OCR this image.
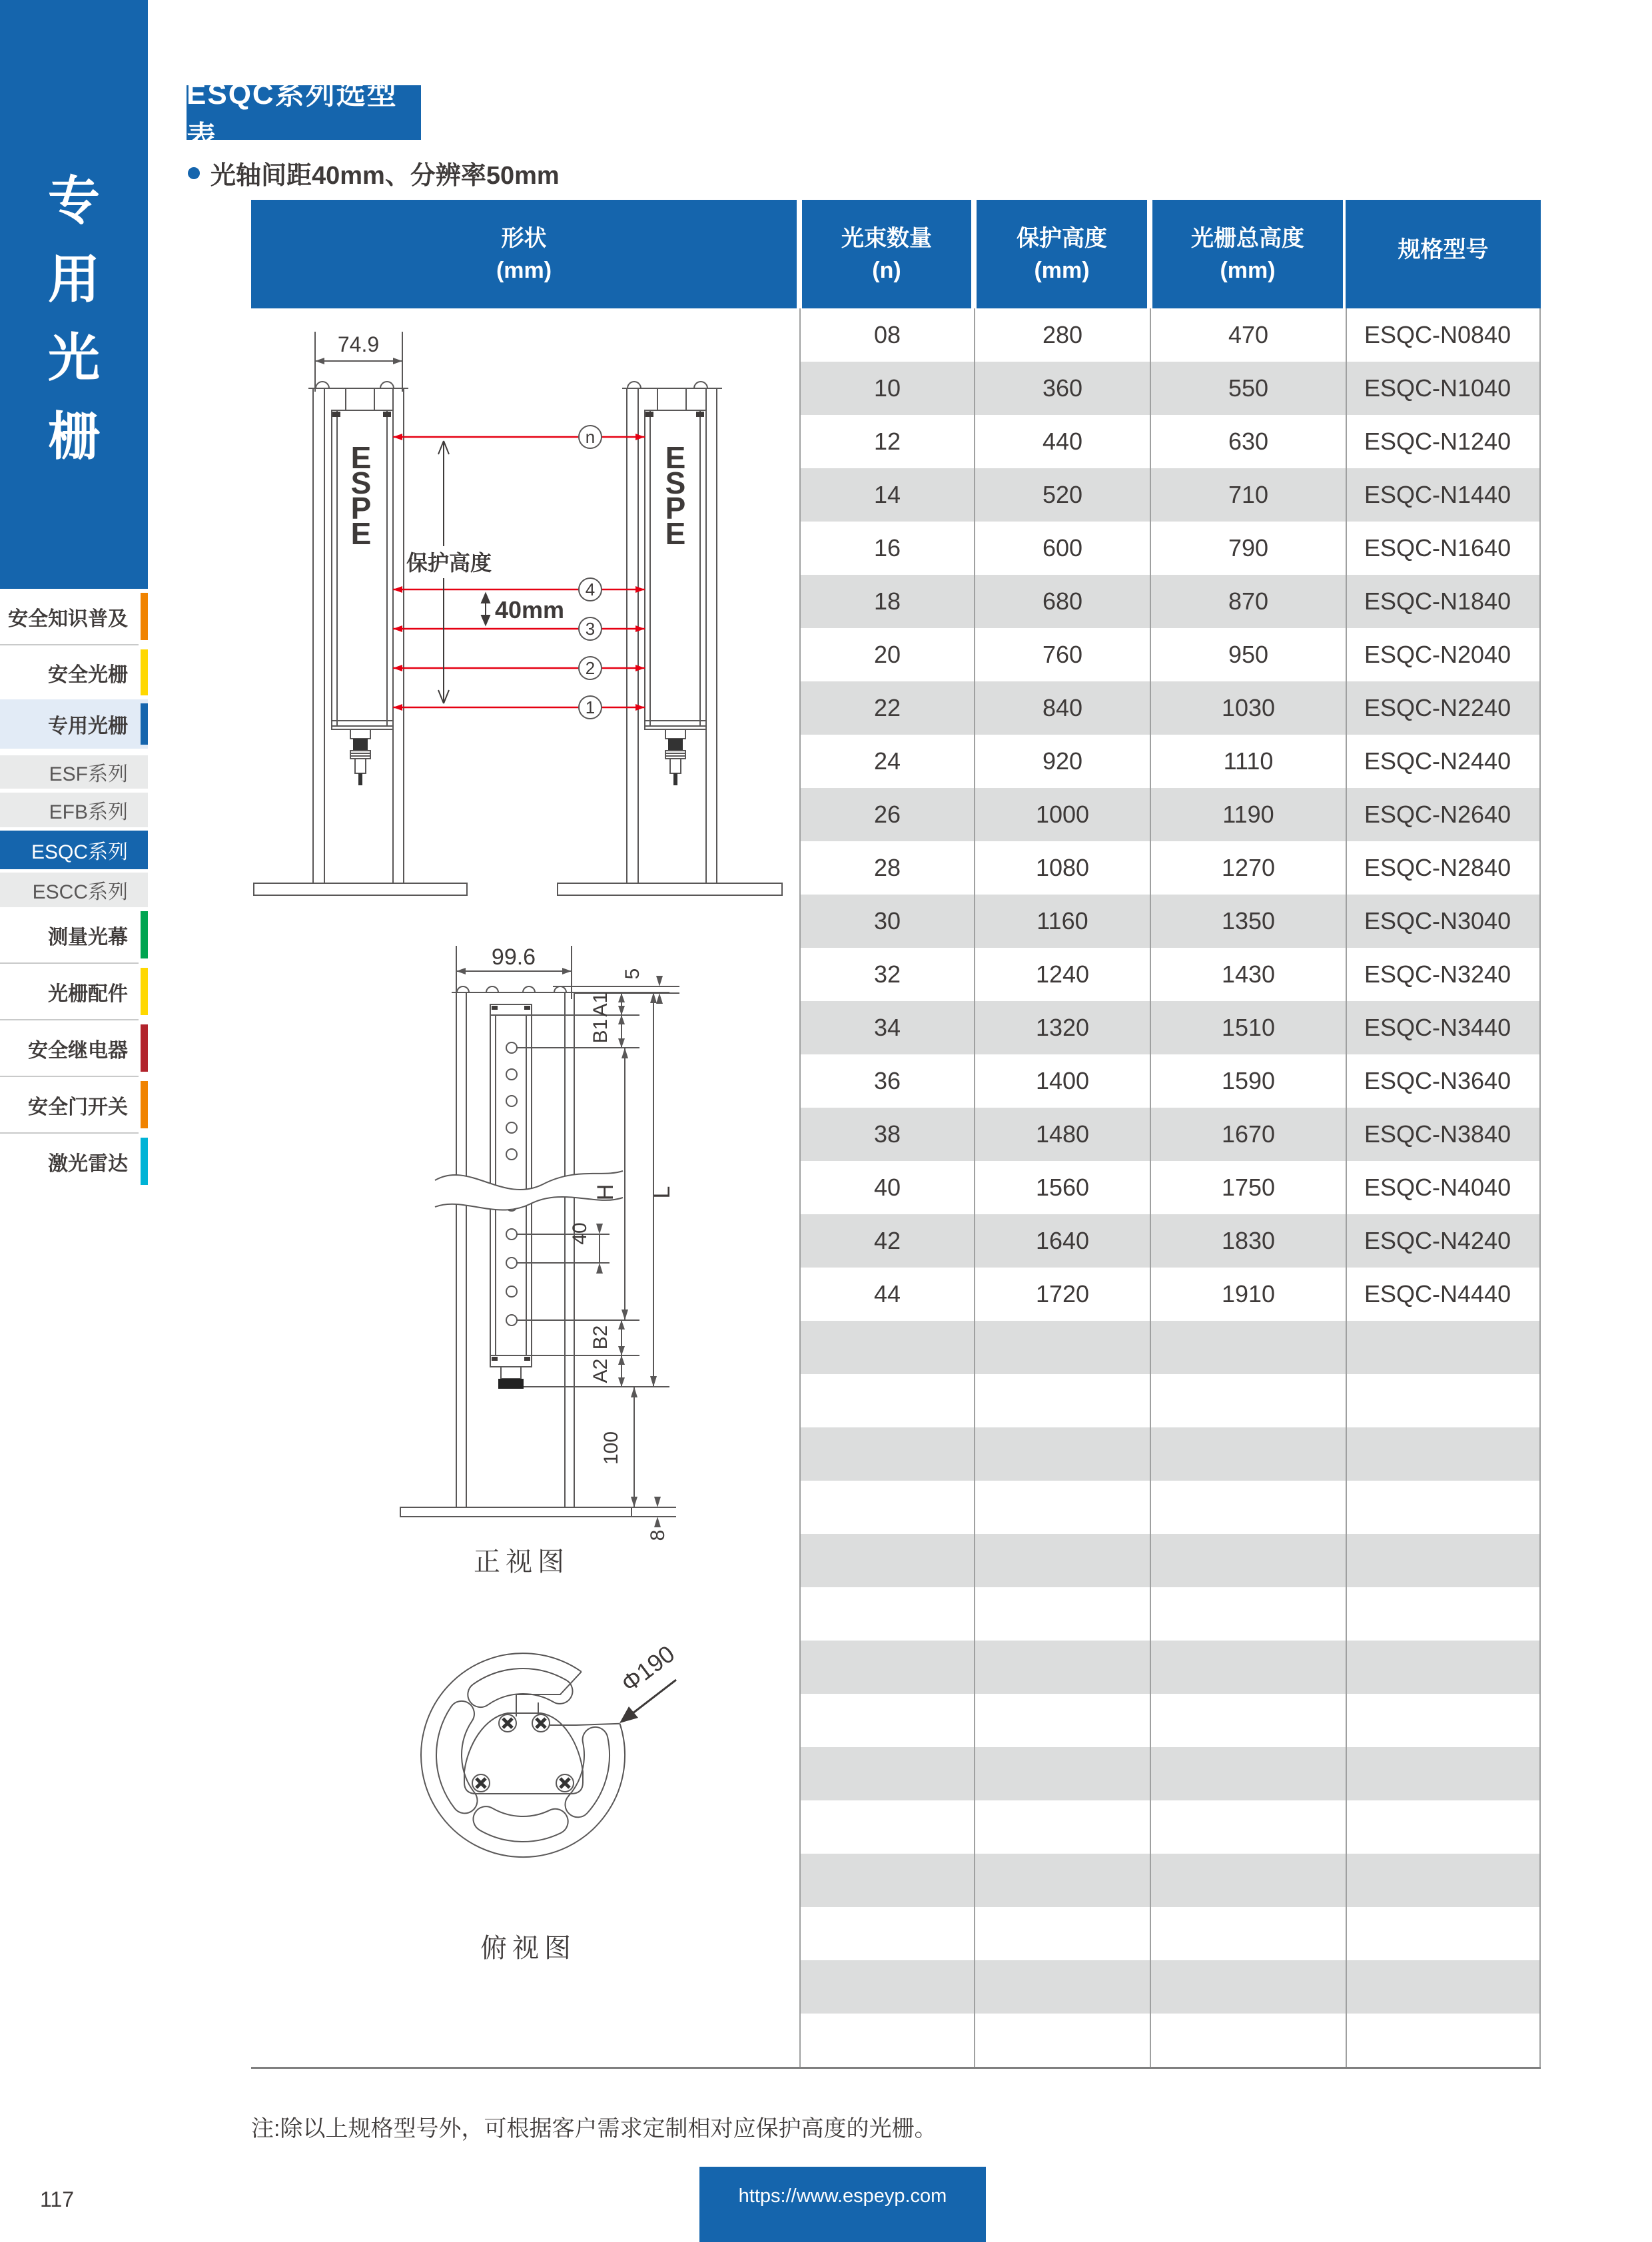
专
用
光
栅
安全知识普及
安全光栅
专用光栅
ESF系列
EFB系列
ESQC系列
ESCC系列
测量光幕
光栅配件
安全继电器
安全门开关
激光雷达
ESQC系列选型表
光轴间距40mm、分辨率50mm
形状
(mm)
光束数量
(n)
保护高度
(mm)
光栅总高度
(mm)
规格型号
08	280	470	ESQC-N0840
10	360	550	ESQC-N1040
12	440	630	ESQC-N1240
14	520	710	ESQC-N1440
16	600	790	ESQC-N1640
18	680	870	ESQC-N1840
20	760	950	ESQC-N2040
22	840	1030	ESQC-N2240
24	920	1110	ESQC-N2440
26	1000	1190	ESQC-N2640
28	1080	1270	ESQC-N2840
30	1160	1350	ESQC-N3040
32	1240	1430	ESQC-N3240
34	1320	1510	ESQC-N3440
36	1400	1590	ESQC-N3640
38	1480	1670	ESQC-N3840
40	1560	1750	ESQC-N4040
42	1640	1830	ESQC-N4240
44	1720	1910	ESQC-N4440
n
4
3
2
1
74.9
保护高度
40mm
E
S
P
E
E
S
P
E
99.6
5
A1
B1
H L
40
B2
A2
100
8
正视图
Φ190
俯视图
注:除以上规格型号外，可根据客户需求定制相对应保护高度的光栅。
117	https://www.espeyp.com
